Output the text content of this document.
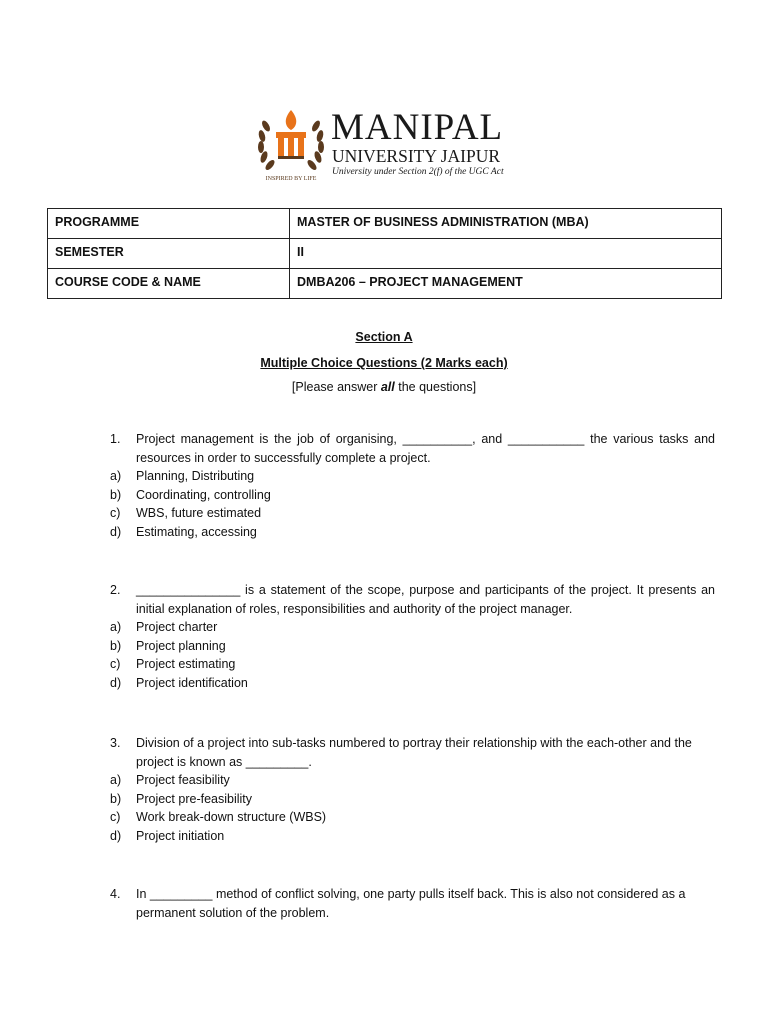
INSPIRED BY LIFE
MANIPAL
UNIVERSITY JAIPUR
University under Section 2(f) of the UGC Act
PROGRAMME	MASTER OF BUSINESS ADMINISTRATION (MBA)
SEMESTER	II
COURSE CODE & NAME	DMBA206 – PROJECT MANAGEMENT
Section A
Multiple Choice Questions (2 Marks each)
[Please answer all the questions]
1.	Project management is the job of organising, __________, and ___________ the various tasks and resources in order to successfully complete a project.
a)	Planning, Distributing
b)	Coordinating, controlling
c)	WBS, future estimated
d)	Estimating, accessing
2.	_______________ is a statement of the scope, purpose and participants of the project. It presents an initial explanation of roles, responsibilities and authority of the project manager.
a)	Project charter
b)	Project planning
c)	Project estimating
d)	Project identification
3.	Division of a project into sub-tasks numbered to portray their relationship with the each-other and the project is known as _________.
a)	Project feasibility
b)	Project pre-feasibility
c)	Work break-down structure (WBS)
d)	Project initiation
4.	In _________ method of conflict solving, one party pulls itself back. This is also not considered as a permanent solution of the problem.
